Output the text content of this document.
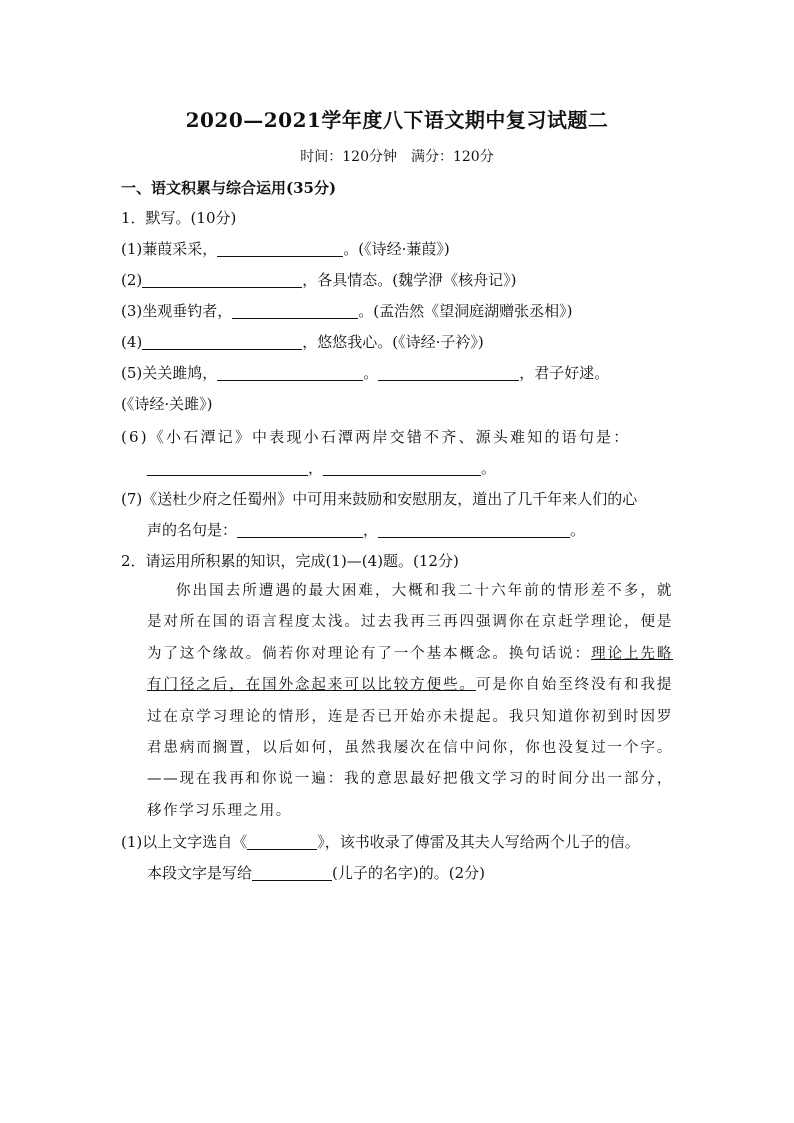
2020—2021学年度八下语文期中复习试题二
时间：120分钟　满分：120分
一、语文积累与综合运用(35分)
1．默写。(10分)
(1)蒹葭采采，	。(《诗经·蒹葭》)
(2)	，各具情态。(魏学洢《核舟记》)
(3)坐观垂钓者，	。(孟浩然《望洞庭湖赠张丞相》)
(4)	，悠悠我心。(《诗经·子衿》)
(5)关关雎鸠，	。	，君子好逑。
(《诗经·关雎》)
(6)《小石潭记》中表现小石潭两岸交错不齐、源头难知的语句是：
，	。
(7)《送杜少府之任蜀州》中可用来鼓励和安慰朋友，道出了几千年来人们的心
声的名句是：	，	。
2．请运用所积累的知识，完成(1)—(4)题。(12分)

你出国去所遭遇的最大困难，大概和我二十六年前的情形差不多，就是对所在国的语言程度太浅。过去我再三再四强调你在京赶学理论，便是为了这个缘故。倘若你对理论有了一个基本概念。换句话说：理论上先略有门径之后，在国外念起来可以比较方便些。可是你自始至终没有和我提过在京学习理论的情形，连是否已开始亦未提起。我只知道你初到时因罗君患病而搁置，以后如何，虽然我屡次在信中问你，你也没复过一个字。——现在我再和你说一遍：我的意思最好把俄文学习的时间分出一部分，移作学习乐理之用。

(1)以上文字选自《	》，该书收录了傅雷及其夫人写给两个儿子的信。
本段文字是写给	(儿子的名字)的。(2分)
